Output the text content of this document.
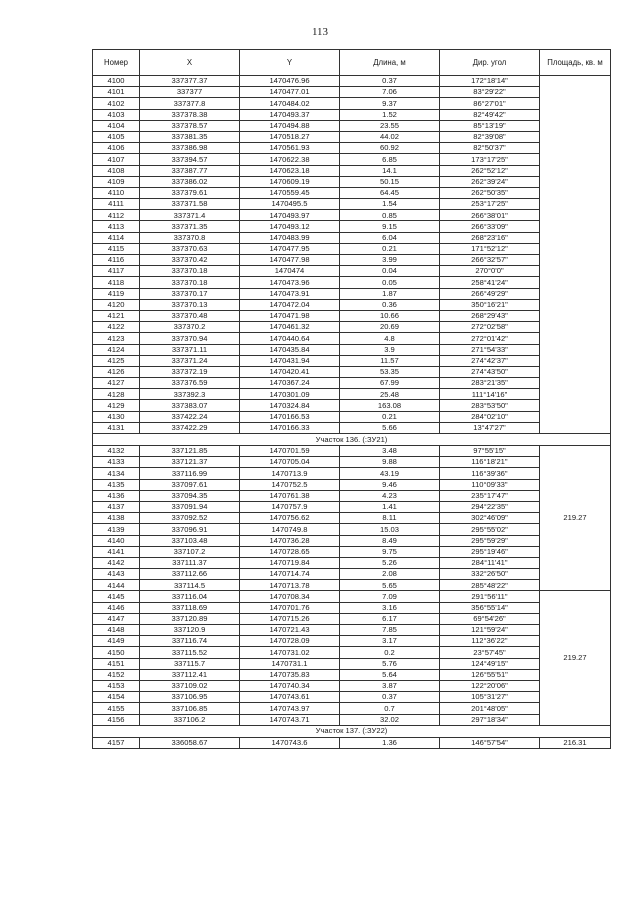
113
Номер	X	Y	Длина, м	Дир. угол	Площадь, кв. м
4100	337377.37	1470476.96	0.37	172°18'14"	
4101	337377	1470477.01	7.06	83°29'22"	
4102	337377.8	1470484.02	9.37	86°27'01"	
4103	337378.38	1470493.37	1.52	82°49'42"	
4104	337378.57	1470494.88	23.55	85°13'19"	
4105	337381.35	1470518.27	44.02	82°39'08"	
4106	337386.98	1470561.93	60.92	82°50'37"	
4107	337394.57	1470622.38	6.85	173°17'25"	
4108	337387.77	1470623.18	14.1	262°52'12"	
4109	337386.02	1470609.19	50.15	262°39'24"	
4110	337379.61	1470559.45	64.45	262°50'35"	
4111	337371.58	1470495.5	1.54	253°17'25"	
4112	337371.4	1470493.97	0.85	266°38'01"	
4113	337371.35	1470493.12	9.15	266°33'09"	
4114	337370.8	1470483.99	6.04	268°23'16"	
4115	337370.63	1470477.95	0.21	171°52'12"	
4116	337370.42	1470477.98	3.99	266°32'57"	
4117	337370.18	1470474	0.04	270°0'0"	
4118	337370.18	1470473.96	0.05	258°41'24"	
4119	337370.17	1470473.91	1.87	266°49'29"	
4120	337370.13	1470472.04	0.36	350°16'21"	
4121	337370.48	1470471.98	10.66	268°29'43"	
4122	337370.2	1470461.32	20.69	272°02'58"	
4123	337370.94	1470440.64	4.8	272°01'42"	
4124	337371.11	1470435.84	3.9	271°54'33"	
4125	337371.24	1470431.94	11.57	274°42'37"	
4126	337372.19	1470420.41	53.35	274°43'50"	
4127	337376.59	1470367.24	67.99	283°21'35"	
4128	337392.3	1470301.09	25.48	111°14'16"	
4129	337383.07	1470324.84	163.08	283°53'50"	
4130	337422.24	1470166.53	0.21	284°02'10"	
4131	337422.29	1470166.33	5.66	13°47'27"	
Участок 136. (:ЗУ21)					
4132	337121.85	1470701.59	3.48	97°55'15"	219.27
4133	337121.37	1470705.04	9.88	116°18'21"	
4134	337116.99	1470713.9	43.19	116°39'36"	
4135	337097.61	1470752.5	9.46	110°09'33"	
4136	337094.35	1470761.38	4.23	235°17'47"	
4137	337091.94	1470757.9	1.41	294°22'35"	
4138	337092.52	1470756.62	8.11	302°46'09"	
4139	337096.91	1470749.8	15.03	295°55'02"	
4140	337103.48	1470736.28	8.49	295°59'29"	
4141	337107.2	1470728.65	9.75	295°19'46"	
4142	337111.37	1470719.84	5.26	284°11'41"	
4143	337112.66	1470714.74	2.08	332°26'50"	
4144	337114.5	1470713.78	5.65	285°48'22"	
4145	337116.04	1470708.34	7.09	291°56'11"	219.27
4146	337118.69	1470701.76	3.16	356°55'14"	
4147	337120.89	1470715.26	6.17	69°54'26"	
4148	337120.9	1470721.43	7.85	121°59'24"	
4149	337116.74	1470728.09	3.17	112°36'22"	
4150	337115.52	1470731.02	0.2	23°57'45"	
4151	337115.7	1470731.1	5.76	124°49'15"	
4152	337112.41	1470735.83	5.64	126°55'51"	
4153	337109.02	1470740.34	3.87	122°20'06"	
4154	337106.95	1470743.61	0.37	105°31'27"	
4155	337106.85	1470743.97	0.7	201°48'05"	
4156	337106.2	1470743.71	32.02	297°18'34"	
Участок 137. (:ЗУ22)					
4157	336058.67	1470743.6	1.36	146°57'54"	216.31
